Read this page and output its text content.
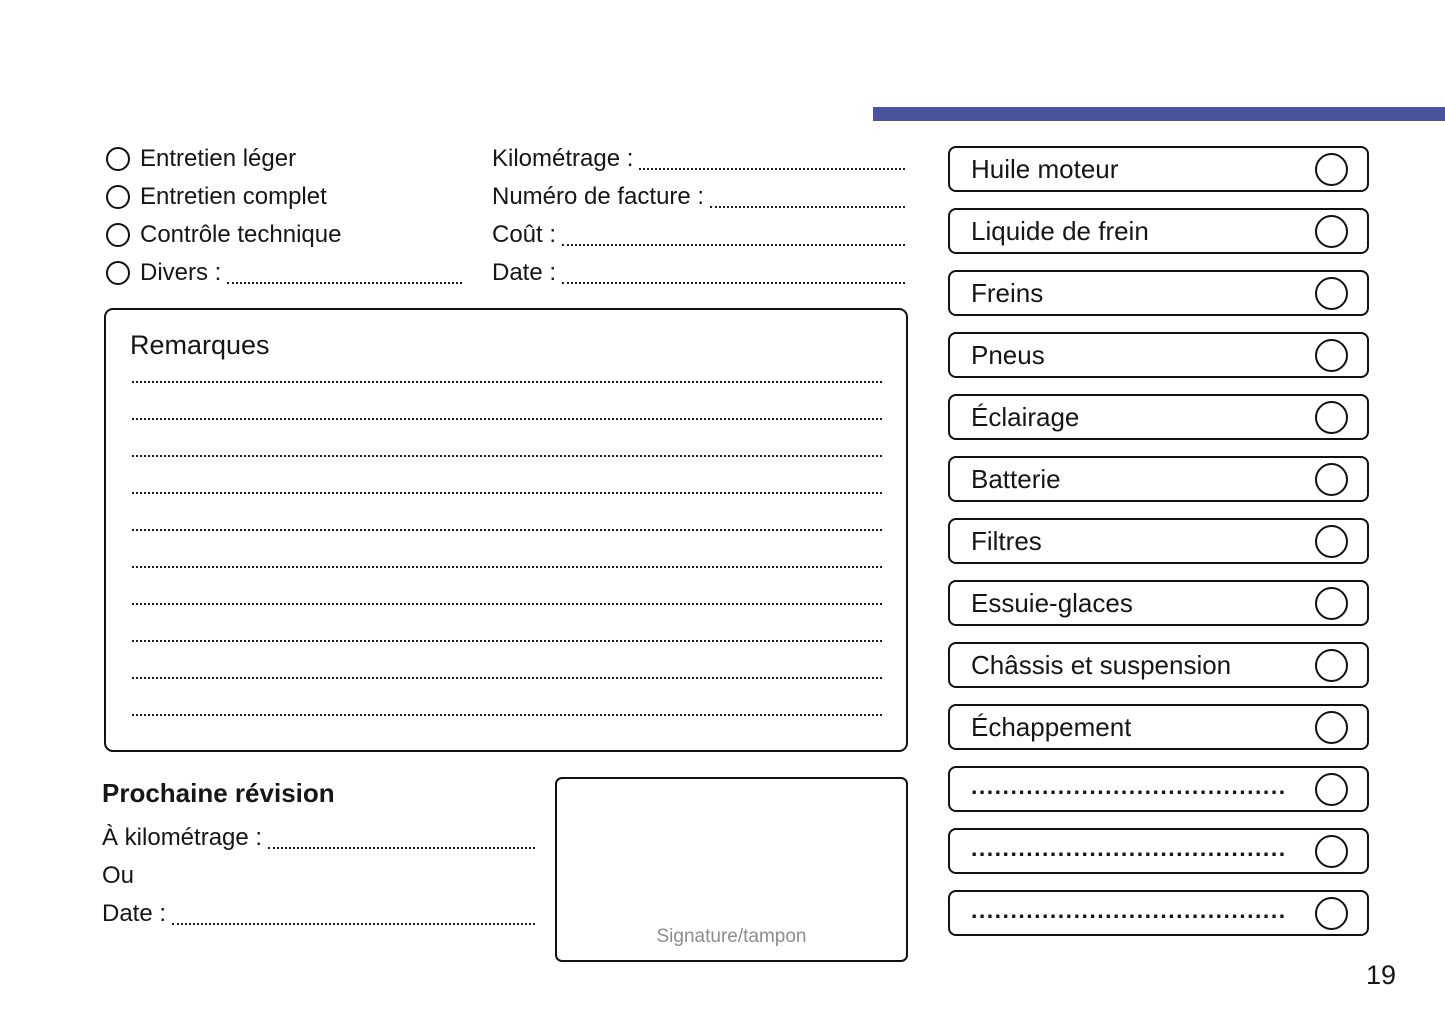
Entretien léger
Entretien complet
Contrôle technique
Divers :
Kilométrage :
Numéro de facture :
Coût :
Date :
Remarques
Prochaine révision
À kilométrage :
Ou
Date :
Signature/tampon
Huile moteur
Liquide de frein
Freins
Pneus
Éclairage
Batterie
Filtres
Essuie-glaces
Châssis et suspension
Échappement
........................................
........................................
........................................
19
